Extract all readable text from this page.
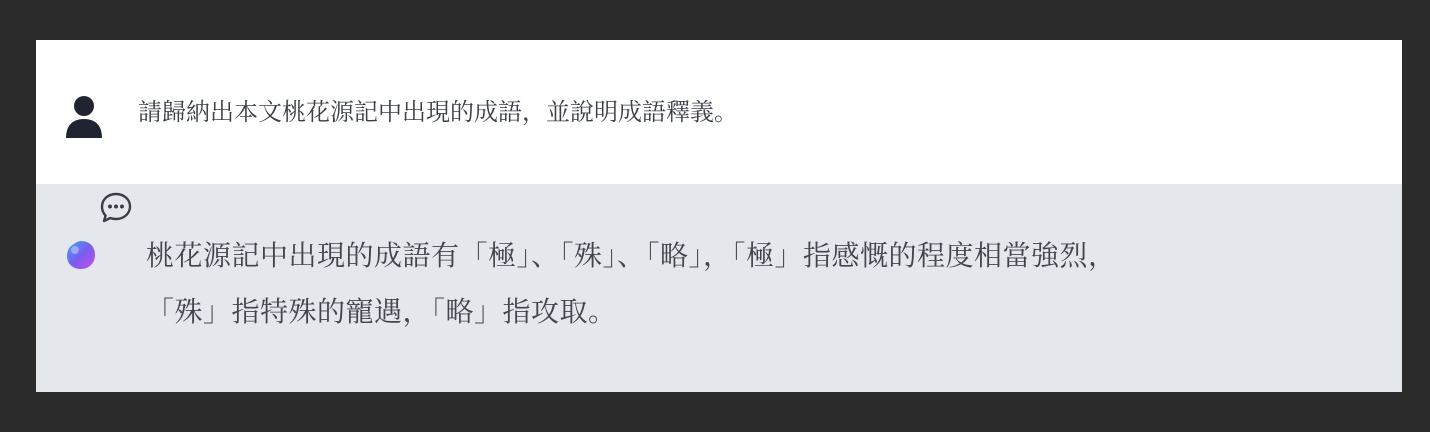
請歸納出本文桃花源記中出現的成語，並說明成語釋義。
桃花源記中出現的成語有「極」、「殊」、「略」，「極」指感慨的程度相當強烈，
「殊」指特殊的寵遇，「略」指攻取。
